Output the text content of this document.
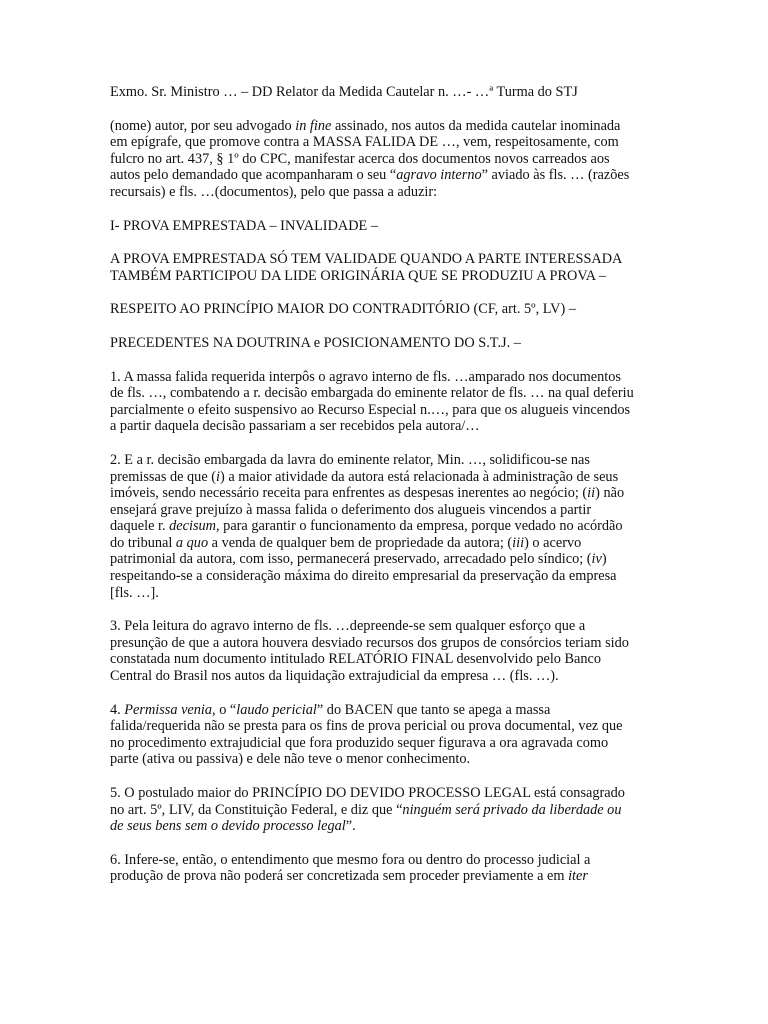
Exmo. Sr. Ministro … – DD Relator da Medida Cautelar n. …- …ª Turma do STJ

(nome) autor, por seu advogado in fine assinado, nos autos da medida cautelar inominada em epígrafe, que promove contra a MASSA FALIDA DE …, vem, respeitosamente, com fulcro no art. 437, § 1º do CPC, manifestar acerca dos documentos novos carreados aos autos pelo demandado que acompanharam o seu “agravo interno” aviado às fls. … (razões recursais) e fls. …(documentos), pelo que passa a aduzir:

I- PROVA EMPRESTADA – INVALIDADE –

A PROVA EMPRESTADA SÓ TEM VALIDADE QUANDO A PARTE INTERESSADA TAMBÉM PARTICIPOU DA LIDE ORIGINÁRIA QUE SE PRODUZIU A PROVA –

RESPEITO AO PRINCÍPIO MAIOR DO CONTRADITÓRIO (CF, art. 5º, LV) –

PRECEDENTES NA DOUTRINA e POSICIONAMENTO DO S.T.J. –

1. A massa falida requerida interpôs o agravo interno de fls. …amparado nos documentos de fls. …, combatendo a r. decisão embargada do eminente relator de fls. … na qual deferiu parcialmente o efeito suspensivo ao Recurso Especial n.…, para que os alugueis vincendos a partir daquela decisão passariam a ser recebidos pela autora/…

2. E a r. decisão embargada da lavra do eminente relator, Min. …, solidificou-se nas premissas de que (i) a maior atividade da autora está relacionada à administração de seus imóveis, sendo necessário receita para enfrentes as despesas inerentes ao negócio; (ii) não ensejará grave prejuízo à massa falida o deferimento dos alugueis vincendos a partir daquele r. decisum, para garantir o funcionamento da empresa, porque vedado no acórdão do tribunal a quo a venda de qualquer bem de propriedade da autora; (iii) o acervo patrimonial da autora, com isso, permanecerá preservado, arrecadado pelo síndico; (iv) respeitando-se a consideração máxima do direito empresarial da preservação da empresa [fls. …].

3. Pela leitura do agravo interno de fls. …depreende-se sem qualquer esforço que a presunção de que a autora houvera desviado recursos dos grupos de consórcios teriam sido constatada num documento intitulado RELATÓRIO FINAL desenvolvido pelo Banco Central do Brasil nos autos da liquidação extrajudicial da empresa … (fls. …).

4. Permissa venia, o “laudo pericial” do BACEN que tanto se apega a massa falida/requerida não se presta para os fins de prova pericial ou prova documental, vez que no procedimento extrajudicial que fora produzido sequer figurava a ora agravada como parte (ativa ou passiva) e dele não teve o menor conhecimento.

5. O postulado maior do PRINCÍPIO DO DEVIDO PROCESSO LEGAL está consagrado no art. 5º, LIV, da Constituição Federal, e diz que “ninguém será privado da liberdade ou de seus bens sem o devido processo legal”.

6. Infere-se, então, o entendimento que mesmo fora ou dentro do processo judicial a produção de prova não poderá ser concretizada sem proceder previamente a em iter
